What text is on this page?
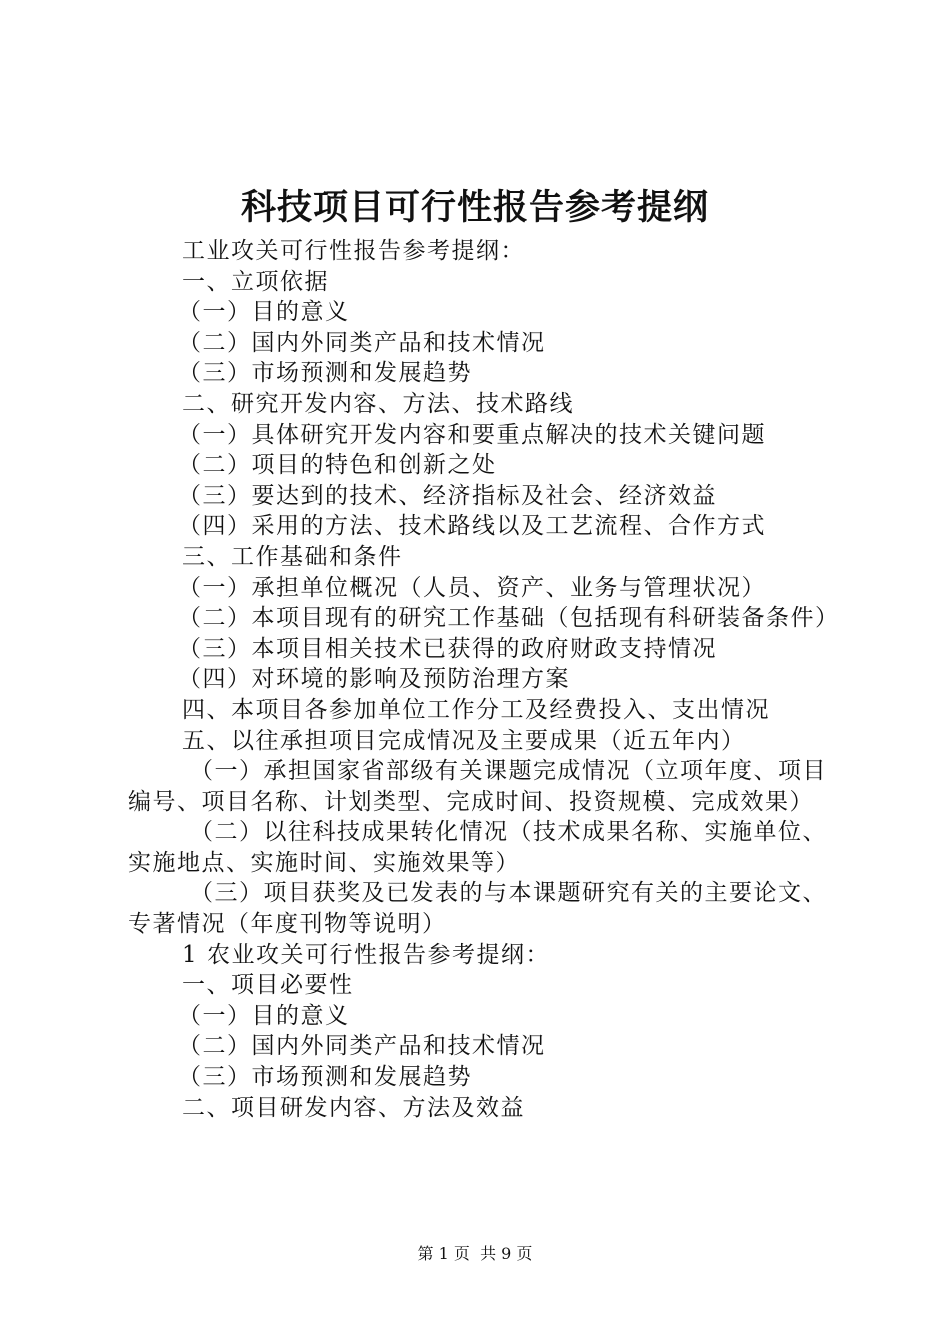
科技项目可行性报告参考提纲

工业攻关可行性报告参考提纲：

一、立项依据

（一）目的意义

（二）国内外同类产品和技术情况

（三）市场预测和发展趋势

二、研究开发内容、方法、技术路线

（一）具体研究开发内容和要重点解决的技术关键问题

（二）项目的特色和创新之处

（三）要达到的技术、经济指标及社会、经济效益

（四）采用的方法、技术路线以及工艺流程、合作方式

三、工作基础和条件

（一）承担单位概况（人员、资产、业务与管理状况）

（二）本项目现有的研究工作基础（包括现有科研装备条件）

（三）本项目相关技术已获得的政府财政支持情况

（四）对环境的影响及预防治理方案

四、本项目各参加单位工作分工及经费投入、支出情况

五、以往承担项目完成情况及主要成果（近五年内）

（一）承担国家省部级有关课题完成情况（立项年度、项目编号、项目名称、计划类型、完成时间、投资规模、完成效果）

（二）以往科技成果转化情况（技术成果名称、实施单位、实施地点、实施时间、实施效果等）

（三）项目获奖及已发表的与本课题研究有关的主要论文、专著情况（年度刊物等说明）

1 农业攻关可行性报告参考提纲：

一、项目必要性

（一）目的意义

（二）国内外同类产品和技术情况

（三）市场预测和发展趋势

二、项目研发内容、方法及效益

第 1 页  共 9 页
